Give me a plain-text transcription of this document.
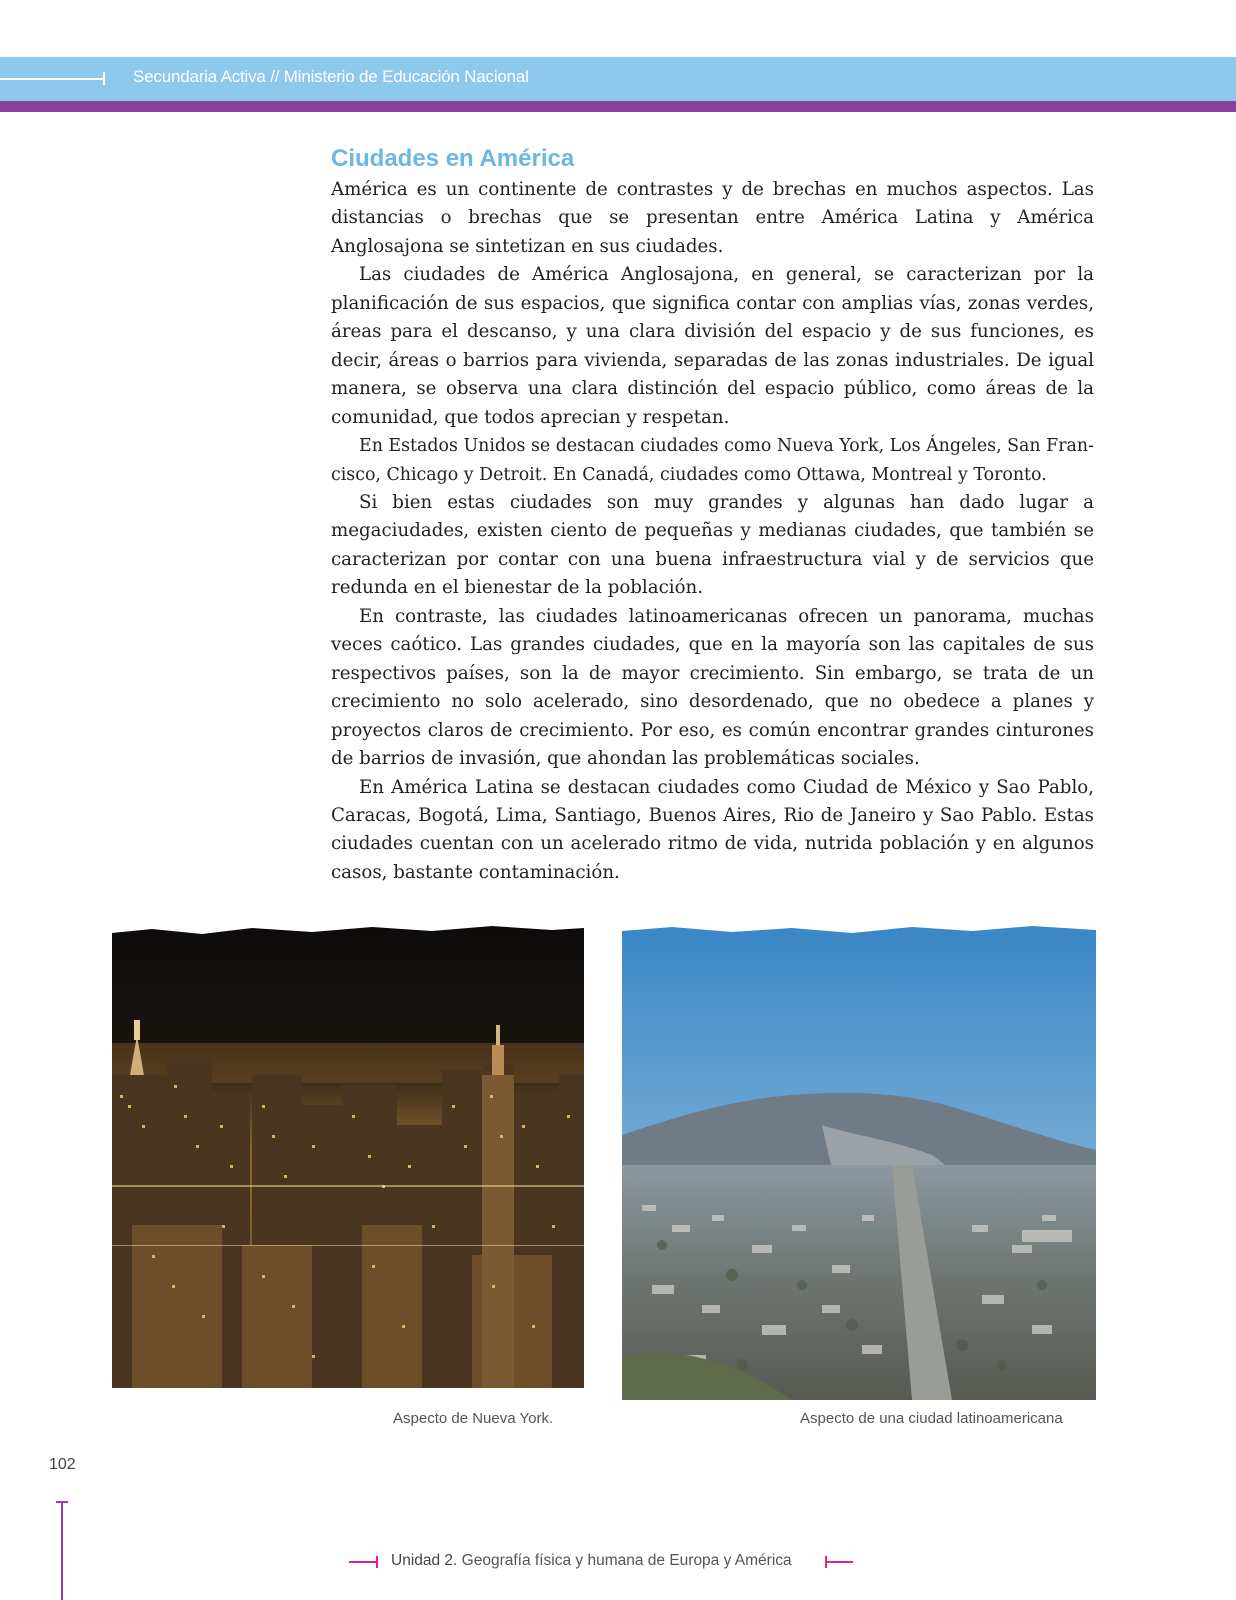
Secundaria Activa // Ministerio de Educación Nacional
Ciudades en América

América es un continente de contrastes y de brechas en muchos aspectos. Las distancias o brechas que se presentan entre América Latina y América Anglosajona se sintetizan en sus ciudades.

Las ciudades de América Anglosajona, en general, se caracterizan por la planificación de sus espacios, que significa contar con amplias vías, zonas verdes, áreas para el descanso, y una clara división del espacio y de sus funciones, es decir, áreas o barrios para vivienda, separadas de las zonas industriales. De igual manera, se observa una clara distinción del espacio público, como áreas de la comunidad, que todos aprecian y respetan.

En Estados Unidos se destacan ciudades como Nueva York, Los Ángeles, San Francisco, Chicago y Detroit. En Canadá, ciudades como Ottawa, Montreal y Toronto.

Si bien estas ciudades son muy grandes y algunas han dado lugar a megaciudades, existen ciento de pequeñas y medianas ciudades, que también se caracterizan por contar con una buena infraestructura vial y de servicios que redunda en el bienestar de la población.

En contraste, las ciudades latinoamericanas ofrecen un panorama, muchas veces caótico. Las grandes ciudades, que en la mayoría son las capitales de sus respectivos países, son la de mayor crecimiento. Sin embargo, se trata de un crecimiento no solo acelerado, sino desordenado, que no obedece a planes y proyectos claros de crecimiento. Por eso, es común encontrar grandes cinturones de barrios de invasión, que ahondan las problemáticas sociales.

En América Latina se destacan ciudades como Ciudad de México y Sao Pablo, Caracas, Bogotá, Lima, Santiago, Buenos Aires, Rio de Janeiro y Sao Pablo. Estas ciudades cuentan con un acelerado ritmo de vida, nutrida población y en algunos casos, bastante contaminación.

Aspecto de Nueva York.	Aspecto de una ciudad latinoamericana
102
Unidad 2. Geografía física y humana de Europa y América
